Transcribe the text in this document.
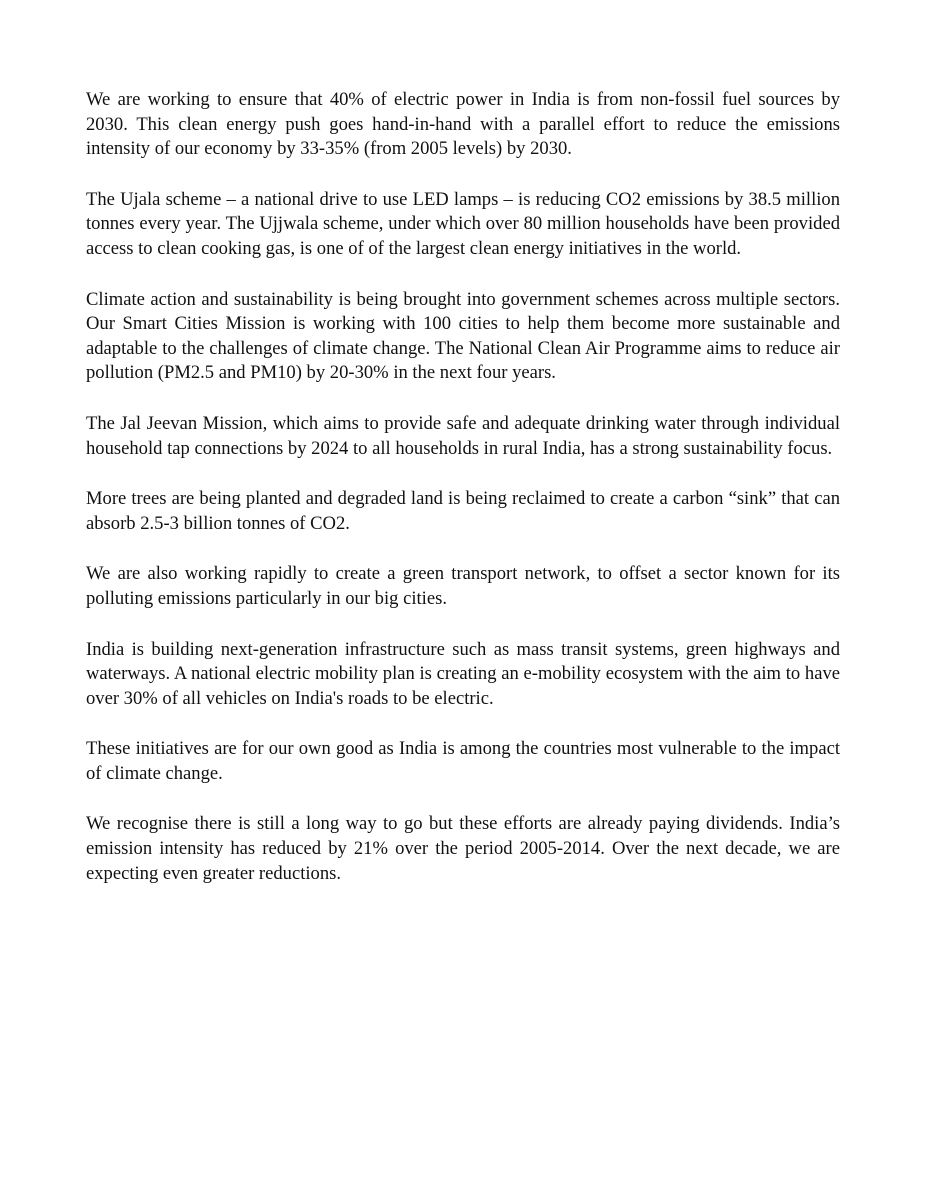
We are working to ensure that 40% of electric power in India is from non-fossil fuel sources by 2030. This clean energy push goes hand-in-hand with a parallel effort to reduce the emissions intensity of our economy by 33-35% (from 2005 levels) by 2030.

The Ujala scheme – a national drive to use LED lamps – is reducing CO2 emissions by 38.5 million tonnes every year. The Ujjwala scheme, under which over 80 million households have been provided access to clean cooking gas, is one of of the largest clean energy initiatives in the world.

Climate action and sustainability is being brought into government schemes across multiple sectors. Our Smart Cities Mission is working with 100 cities to help them become more sustainable and adaptable to the challenges of climate change. The National Clean Air Programme aims to reduce air pollution (PM2.5 and PM10) by 20-30% in the next four years.

The Jal Jeevan Mission, which aims to provide safe and adequate drinking water through individual household tap connections by 2024 to all households in rural India, has a strong sustainability focus.

More trees are being planted and degraded land is being reclaimed to create a carbon “sink” that can absorb 2.5-3 billion tonnes of CO2.

We are also working rapidly to create a green transport network, to offset a sector known for its polluting emissions particularly in our big cities.

India is building next-generation infrastructure such as mass transit systems, green highways and waterways. A national electric mobility plan is creating an e-mobility ecosystem with the aim to have over 30% of all vehicles on India's roads to be electric.

These initiatives are for our own good as India is among the countries most vulnerable to the impact of climate change.

We recognise there is still a long way to go but these efforts are already paying dividends. India’s emission intensity has reduced by 21% over the period 2005-2014. Over the next decade, we are expecting even greater reductions.
